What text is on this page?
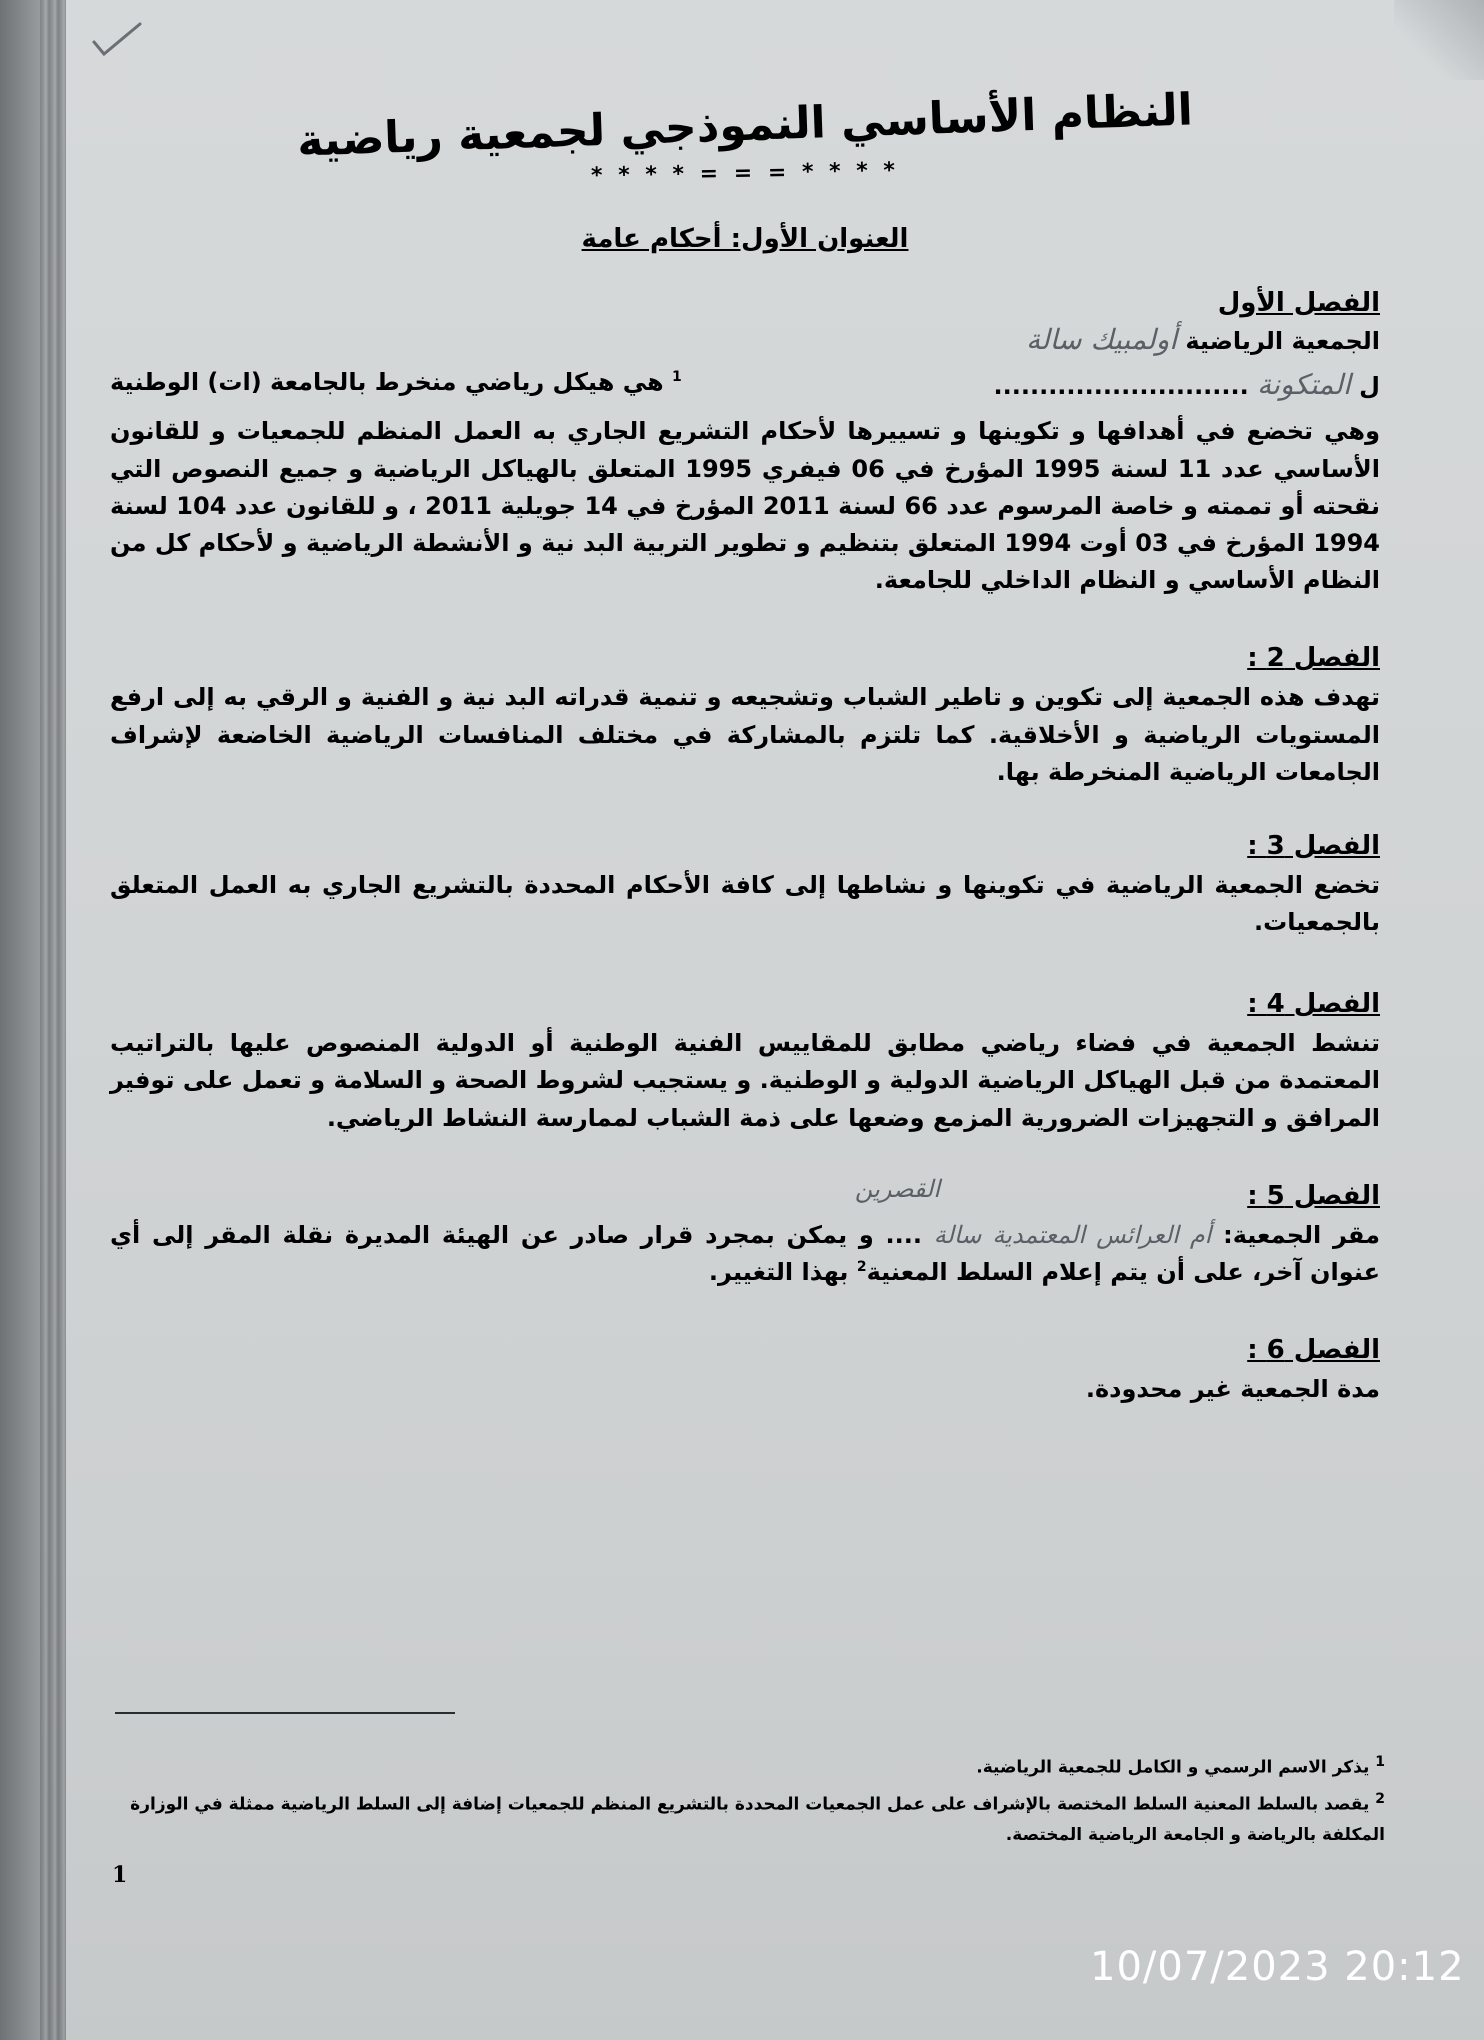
النظام الأساسي النموذجي لجمعية رياضية
* * * * = = = * * * *
العنوان الأول: أحكام عامة
الفصل الأول
الجمعية الرياضية أولمبيك سالة
ل المتكونة ............................
$^1$ هي هيكل رياضي منخرط بالجامعة (ات) الوطنية
وهي تخضع في أهدافها و تكوينها و تسييرها لأحكام التشريع الجاري به العمل المنظم للجمعيات و للقانون الأساسي عدد 11 لسنة 1995 المؤرخ في 06 فيفري 1995 المتعلق بالهياكل الرياضية و جميع النصوص التي نقحته أو تممته و خاصة المرسوم عدد 66 لسنة 2011 المؤرخ في 14 جويلية 2011 ، و للقانون عدد 104 لسنة 1994 المؤرخ في 03 أوت 1994 المتعلق بتنظيم و تطوير التربية البد نية و الأنشطة الرياضية و لأحكام كل من النظام الأساسي و النظام الداخلي للجامعة.
الفصل 2 :
تهدف هذه الجمعية إلى تكوين و تاطير الشباب وتشجيعه و تنمية قدراته البد نية و الفنية و الرقي به إلى ارفع المستويات الرياضية و الأخلاقية. كما تلتزم بالمشاركة في مختلف المنافسات الرياضية الخاضعة لإشراف الجامعات الرياضية المنخرطة بها.
الفصل 3 :
تخضع الجمعية الرياضية في تكوينها و نشاطها إلى كافة الأحكام المحددة بالتشريع الجاري به العمل المتعلق بالجمعيات.
الفصل 4 :
تنشط الجمعية في فضاء رياضي مطابق للمقاييس الفنية الوطنية أو الدولية المنصوص عليها بالتراتيب المعتمدة من قبل الهياكل الرياضية الدولية و الوطنية. و يستجيب لشروط الصحة و السلامة و تعمل على توفير المرافق و التجهيزات الضرورية المزمع وضعها على ذمة الشباب لممارسة النشاط الرياضي.
الفصل 5 :
القصرين
مقر الجمعية: أم العرائس المعتمدية سالة .... و يمكن بمجرد قرار صادر عن الهيئة المديرة نقلة المقر إلى أي عنوان آخر، على أن يتم إعلام السلط المعنية$^2$ بهذا التغيير.
الفصل 6 :
مدة الجمعية غير محدودة.
$^1$ يذكر الاسم الرسمي و الكامل للجمعية الرياضية.
$^2$ يقصد بالسلط المعنية السلط المختصة بالإشراف على عمل الجمعيات المحددة بالتشريع المنظم للجمعيات إضافة إلى السلط الرياضية ممثلة في الوزارة المكلفة بالرياضة و الجامعة الرياضية المختصة.
1
10/07/2023 20:12
